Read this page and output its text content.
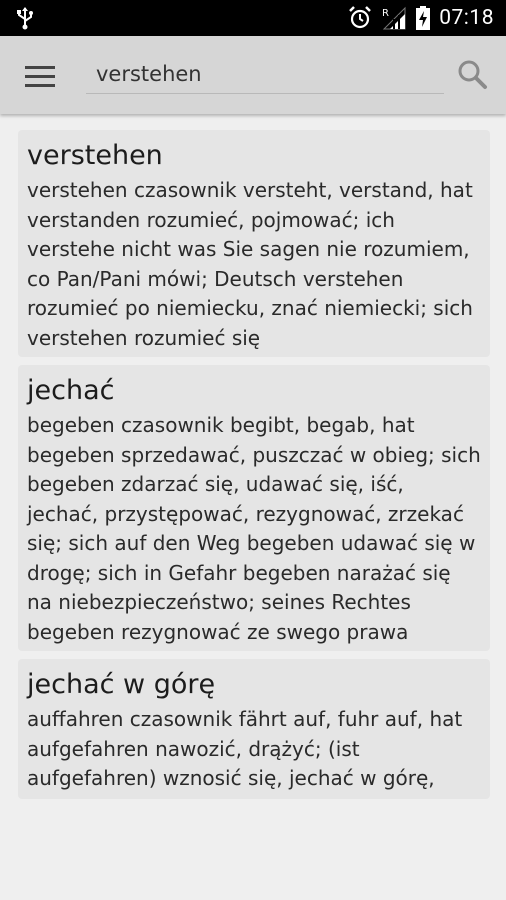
R 07:18
verstehen
verstehen
verstehen czasownik versteht, verstand, hat verstanden rozumieć, pojmować; ich verstehe nicht was Sie sagen nie rozumiem, co Pan/Pani mówi; Deutsch verstehen rozumieć po niemiecku, znać niemiecki; sich verstehen rozumieć się
jechać
begeben czasownik begibt, begab, hat begeben sprzedawać, puszczać w obieg; sich begeben zdarzać się, udawać się, iść, jechać, przystępować, rezygnować, zrzekać się; sich auf den Weg begeben udawać się w drogę; sich in Gefahr begeben narażać się na niebezpieczeństwo; seines Rechtes begeben rezygnować ze swego prawa
jechać w górę
auffahren czasownik fährt auf, fuhr auf, hat aufgefahren nawozić, drążyć; (ist aufgefahren) wznosić się, jechać w górę,
